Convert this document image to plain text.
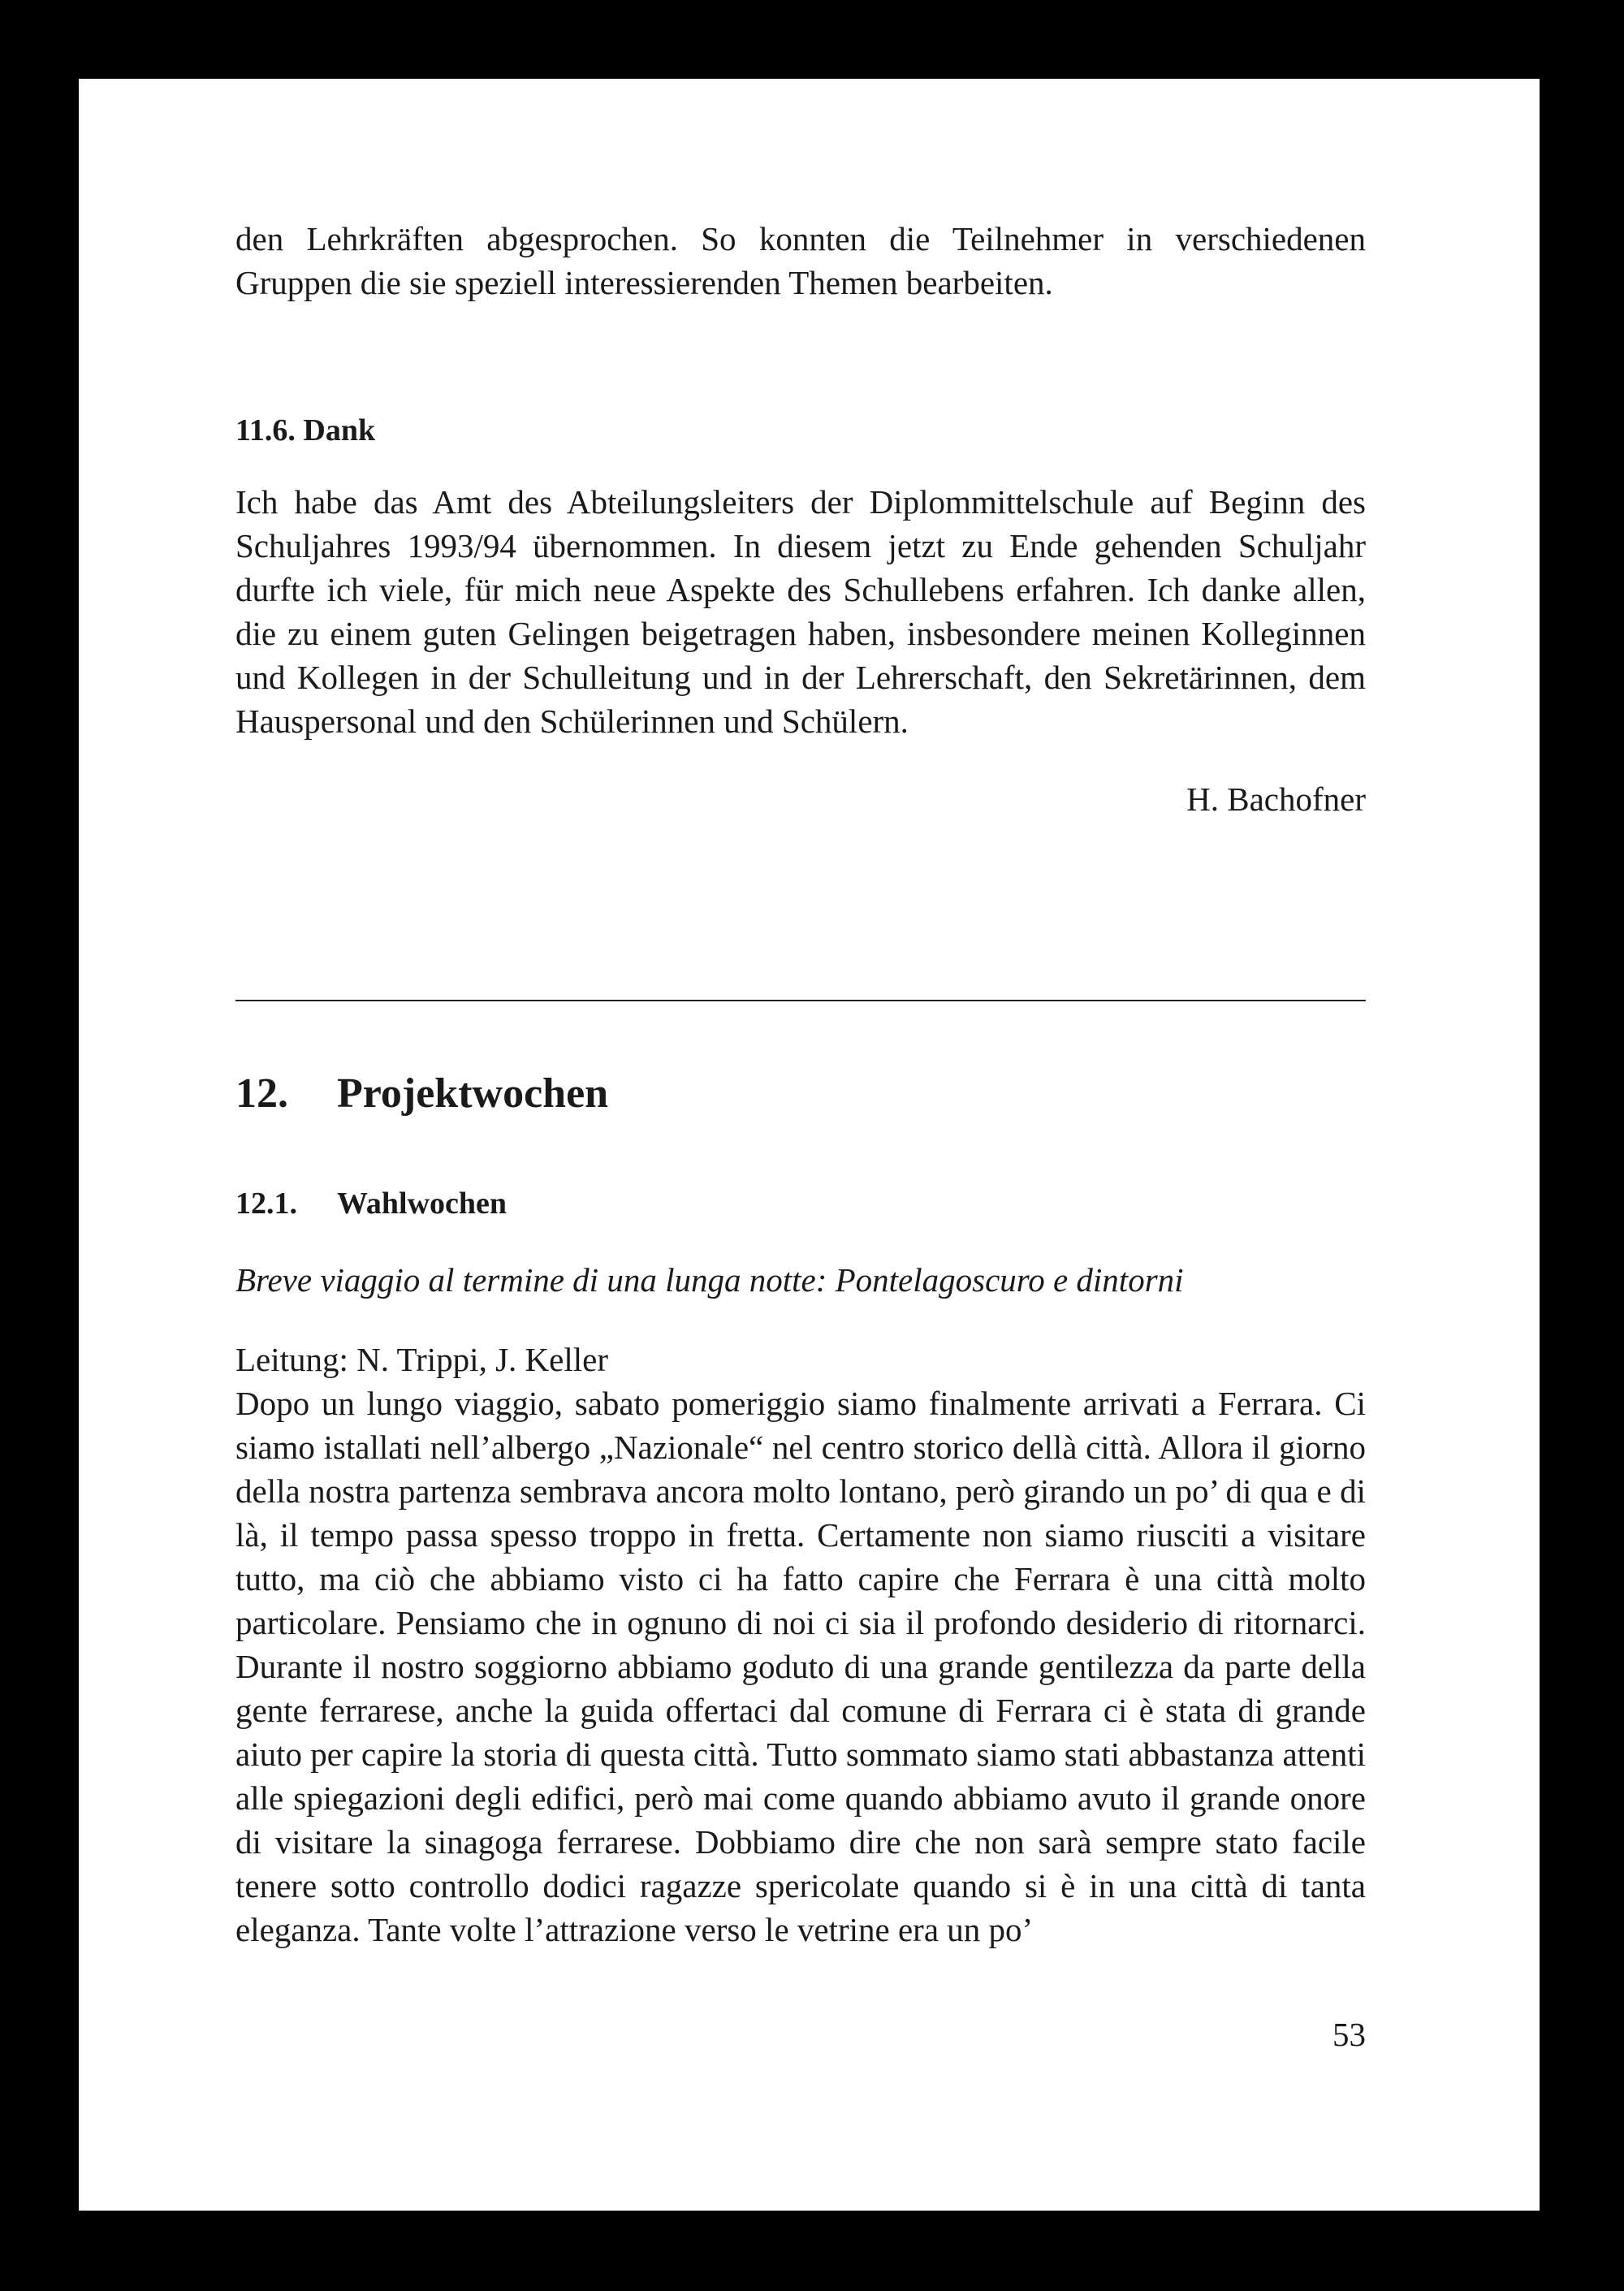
den Lehrkräften abgesprochen. So konnten die Teilnehmer in verschiedenen Gruppen die sie speziell interessierenden Themen bearbeiten.

11.6. Dank

Ich habe das Amt des Abteilungsleiters der Diplommittelschule auf Beginn des Schuljahres 1993/94 übernommen. In diesem jetzt zu Ende gehenden Schuljahr durfte ich viele, für mich neue Aspekte des Schullebens erfahren. Ich danke allen, die zu einem guten Gelingen beigetragen haben, insbesondere meinen Kolleginnen und Kollegen in der Schulleitung und in der Lehrerschaft, den Sekretärinnen, dem Hauspersonal und den Schülerinnen und Schülern.

H. Bachofner

12. Projektwochen
12.1. Wahlwochen

Breve viaggio al termine di una lunga notte: Pontelagoscuro e dintorni

Leitung: N. Trippi, J. Keller

Dopo un lungo viaggio, sabato pomeriggio siamo finalmente arrivati a Ferrara. Ci siamo istallati nell’albergo „Nazionale“ nel centro storico dellà città. Allora il giorno della nostra partenza sembrava ancora molto lontano, però girando un po’ di qua e di là, il tempo passa spesso troppo in fretta. Certamente non siamo riusciti a visitare tutto, ma ciò che abbiamo visto ci ha fatto capire che Ferrara è una città molto particolare. Pensiamo che in ognuno di noi ci sia il profondo desiderio di ritornarci. Durante il nostro soggiorno abbiamo goduto di una grande gentilezza da parte della gente ferrarese, anche la guida offertaci dal comune di Ferrara ci è stata di grande aiuto per capire la storia di questa città. Tutto sommato siamo stati abbastanza attenti alle spiegazioni degli edifici, però mai come quando abbiamo avuto il grande onore di visitare la sinagoga ferrarese. Dobbiamo dire che non sarà sempre stato facile tenere sotto controllo dodici ragazze spericolate quando si è in una città di tanta eleganza. Tante volte l’attrazione verso le vetrine era un po’

53
